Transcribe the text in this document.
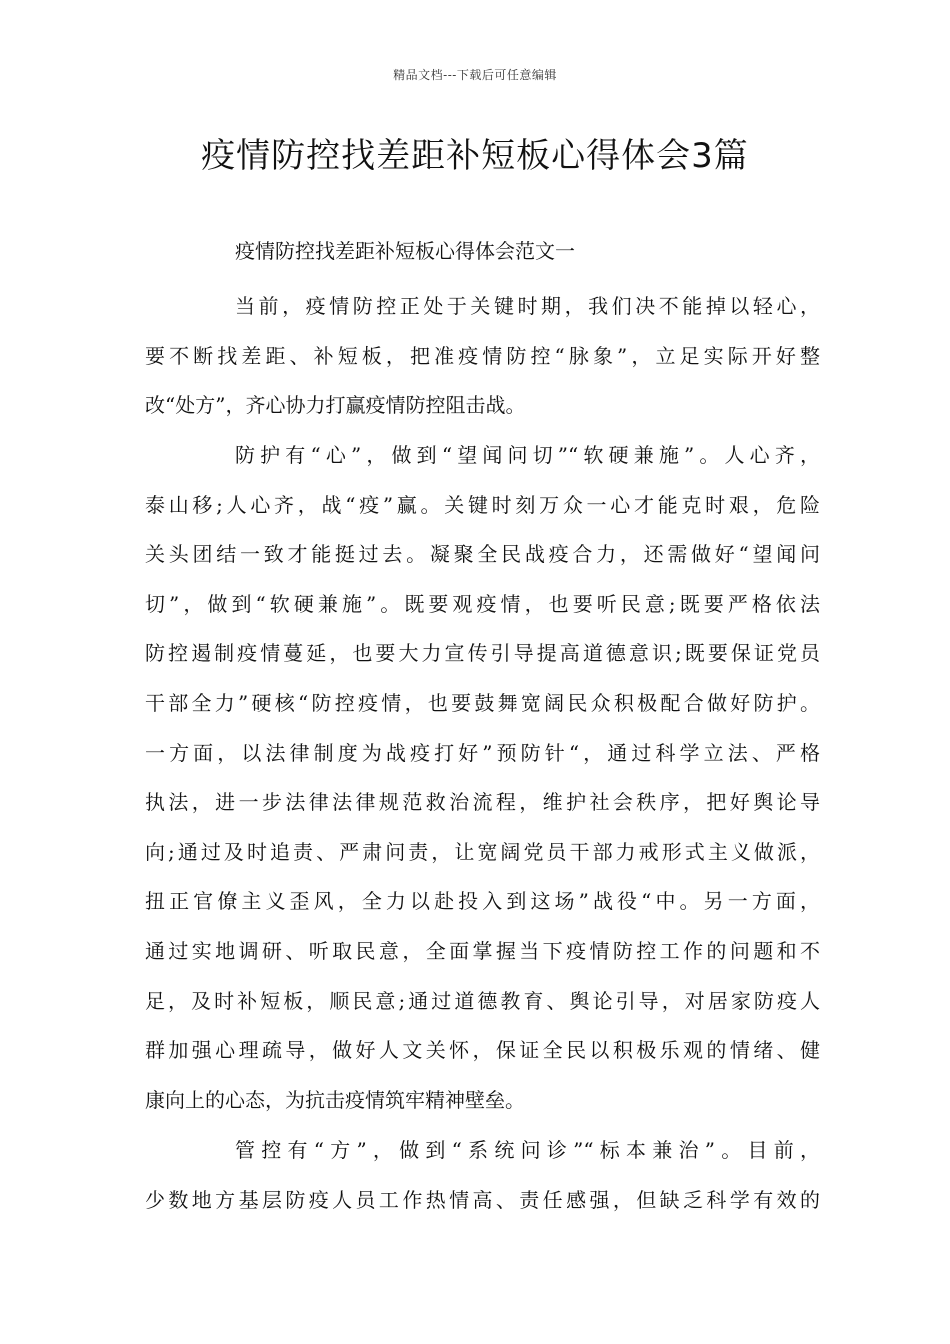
精品文档---下载后可任意编辑
疫情防控找差距补短板心得体会3篇

疫情防控找差距补短板心得体会范文一

当前，疫情防控正处于关键时期，我们决不能掉以轻心，
要不断找差距、补短板，把准疫情防控“脉象”，立足实际开好整
改“处方”，齐心协力打赢疫情防控阻击战。
防护有“心”，做到“望闻问切”“软硬兼施”。人心齐，
泰山移;人心齐，战“疫”赢。关键时刻万众一心才能克时艰，危险
关头团结一致才能挺过去。凝聚全民战疫合力，还需做好“望闻问
切”，做到“软硬兼施”。既要观疫情，也要听民意;既要严格依法
防控遏制疫情蔓延，也要大力宣传引导提高道德意识;既要保证党员
干部全力”硬核“防控疫情，也要鼓舞宽阔民众积极配合做好防护。
一方面，以法律制度为战疫打好”预防针“，通过科学立法、严格
执法，进一步法律法律规范救治流程，维护社会秩序，把好舆论导
向;通过及时追责、严肃问责，让宽阔党员干部力戒形式主义做派，
扭正官僚主义歪风，全力以赴投入到这场”战役“中。另一方面，
通过实地调研、听取民意，全面掌握当下疫情防控工作的问题和不
足，及时补短板，顺民意;通过道德教育、舆论引导，对居家防疫人
群加强心理疏导，做好人文关怀，保证全民以积极乐观的情绪、健
康向上的心态，为抗击疫情筑牢精神壁垒。
管控有“方”，做到“系统问诊”“标本兼治”。目前，
少数地方基层防疫人员工作热情高、责任感强，但缺乏科学有效的
